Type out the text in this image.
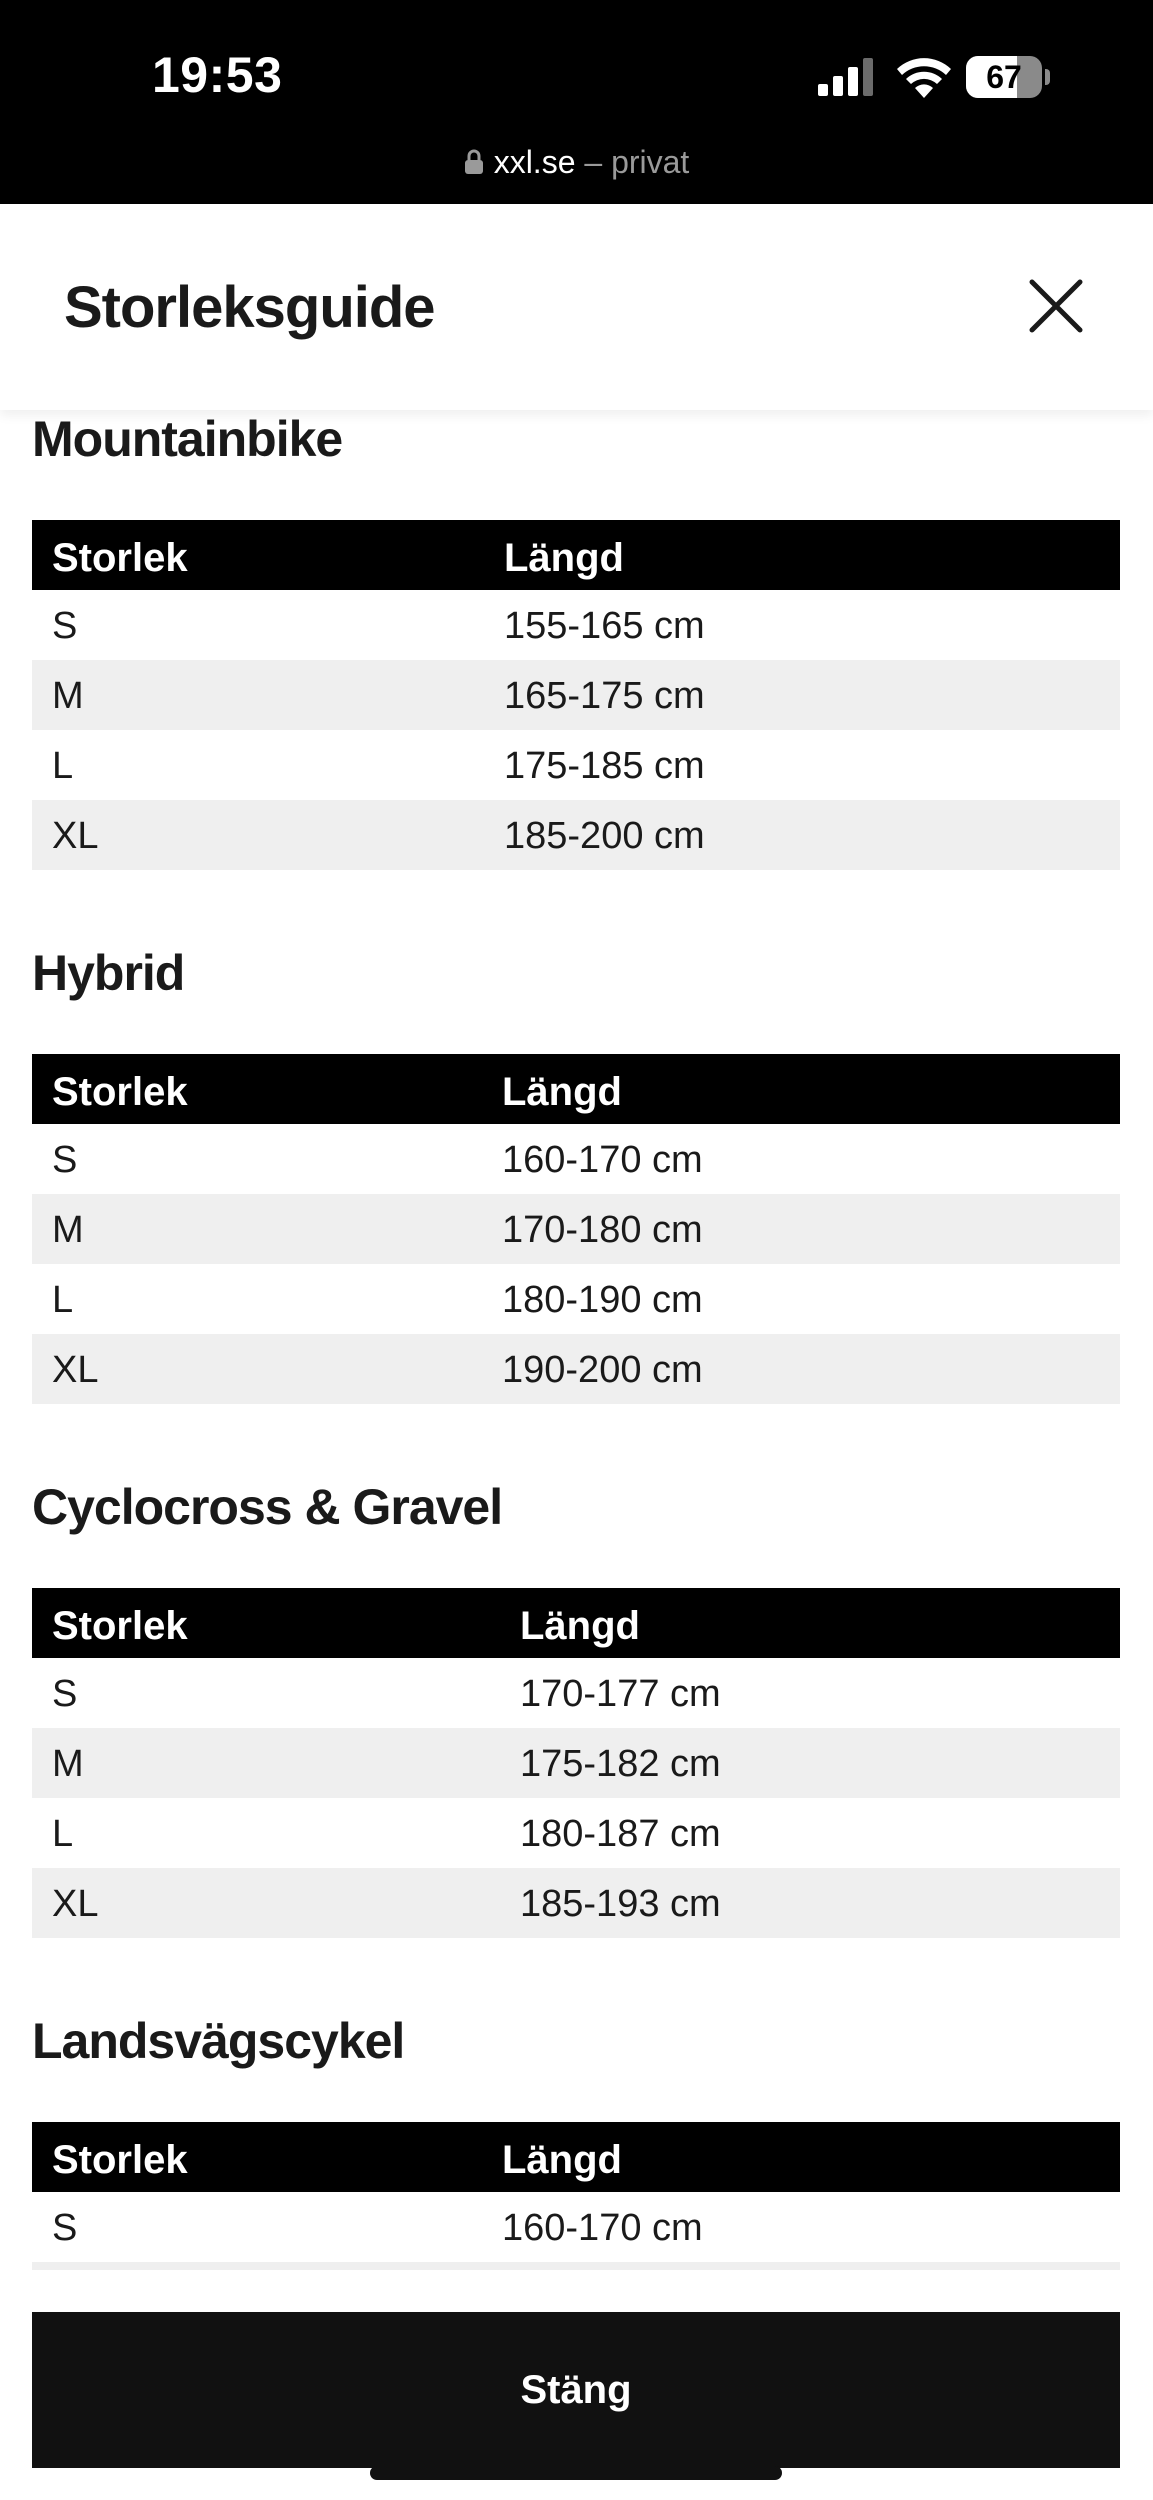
19:53	67
xxl.se – privat
Storleksguide
Mountainbike
Storlek	Längd
S	155-165 cm
M	165-175 cm
L	175-185 cm
XL	185-200 cm
Hybrid
Storlek	Längd
S	160-170 cm
M	170-180 cm
L	180-190 cm
XL	190-200 cm
Cyclocross & Gravel
Storlek	Längd
S	170-177 cm
M	175-182 cm
L	180-187 cm
XL	185-193 cm
Landsvägscykel
Storlek	Längd
S	160-170 cm
Stäng
